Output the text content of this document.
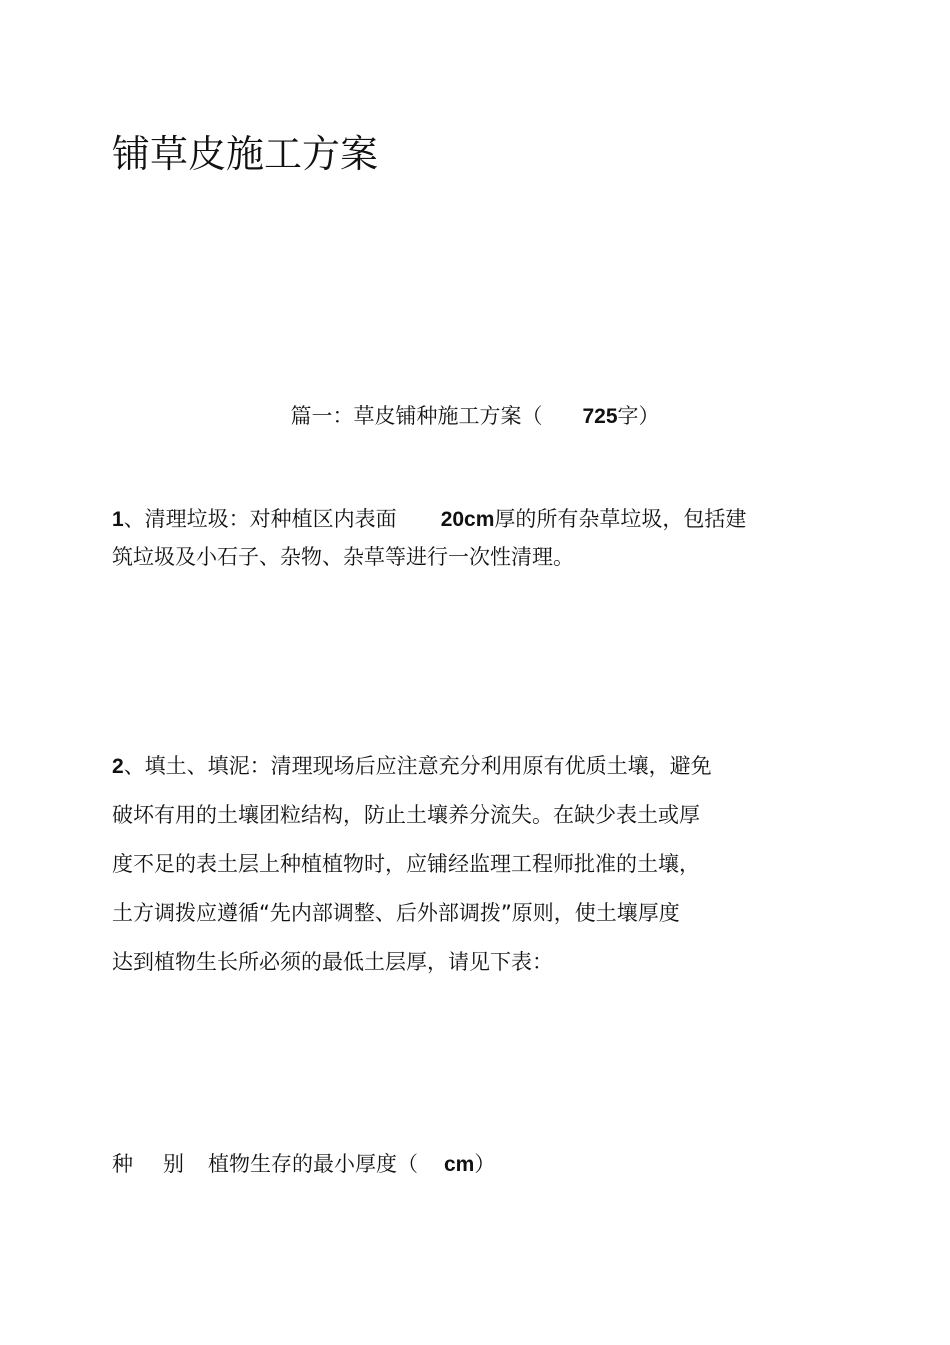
铺草皮施工方案

篇一：草皮铺种施工方案（ 725字）

1、清理垃圾：对种植区内表面 20cm厚的所有杂草垃圾，包括建
筑垃圾及小石子、杂物、杂草等进行一次性清理。
2、填土、填泥：清理现场后应注意充分利用原有优质土壤，避免
破坏有用的土壤团粒结构，防止土壤养分流失。在缺少表土或厚
度不足的表土层上种植植物时，应铺经监理工程师批准的土壤，
土方调拨应遵循“先内部调整、后外部调拨”原则，使土壤厚度
达到植物生长所必须的最低土层厚，请见下表：
种 别 植物生存的最小厚度（ cm）
